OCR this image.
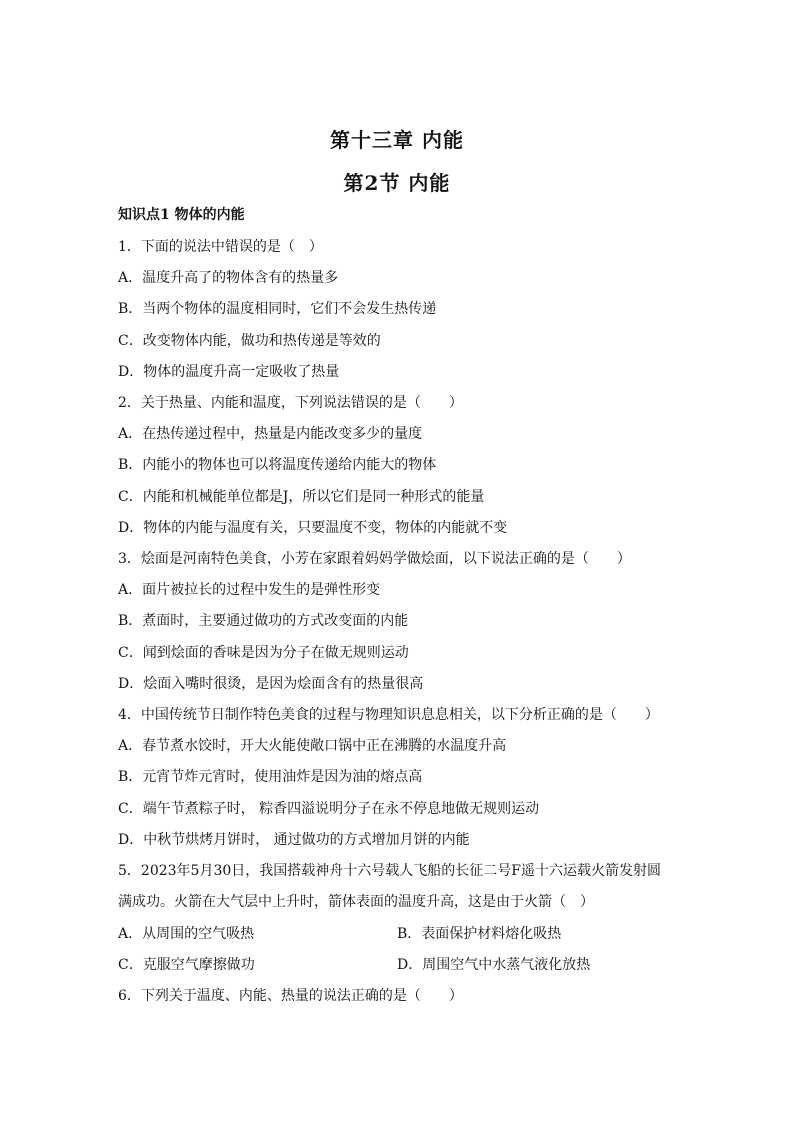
第十三章 内能
第2节 内能
知识点1 物体的内能
1．下面的说法中错误的是（　）
A．温度升高了的物体含有的热量多
B．当两个物体的温度相同时，它们不会发生热传递
C．改变物体内能，做功和热传递是等效的
D．物体的温度升高一定吸收了热量
2．关于热量、内能和温度，下列说法错误的是（　　）
A．在热传递过程中，热量是内能改变多少的量度
B．内能小的物体也可以将温度传递给内能大的物体
C．内能和机械能单位都是J，所以它们是同一种形式的能量
D．物体的内能与温度有关，只要温度不变，物体的内能就不变
3．烩面是河南特色美食，小芳在家跟着妈妈学做烩面，以下说法正确的是（　　）
A．面片被拉长的过程中发生的是弹性形变
B．煮面时，主要通过做功的方式改变面的内能
C．闻到烩面的香味是因为分子在做无规则运动
D．烩面入嘴时很烫，是因为烩面含有的热量很高
4．中国传统节日制作特色美食的过程与物理知识息息相关，以下分析正确的是（　　）
A．春节煮水饺时，开大火能使敞口锅中正在沸腾的水温度升高
B．元宵节炸元宵时，使用油炸是因为油的熔点高
C．端午节煮粽子时， 粽香四溢说明分子在永不停息地做无规则运动
D．中秋节烘烤月饼时， 通过做功的方式增加月饼的内能
5．2023年5月30日，我国搭载神舟十六号载人飞船的长征二号F遥十六运载火箭发射圆
满成功。火箭在大气层中上升时，箭体表面的温度升高，这是由于火箭（　）
A．从周围的空气吸热	B．表面保护材料熔化吸热
C．克服空气摩擦做功	D．周围空气中水蒸气液化放热
6．下列关于温度、内能、热量的说法正确的是（　　）
